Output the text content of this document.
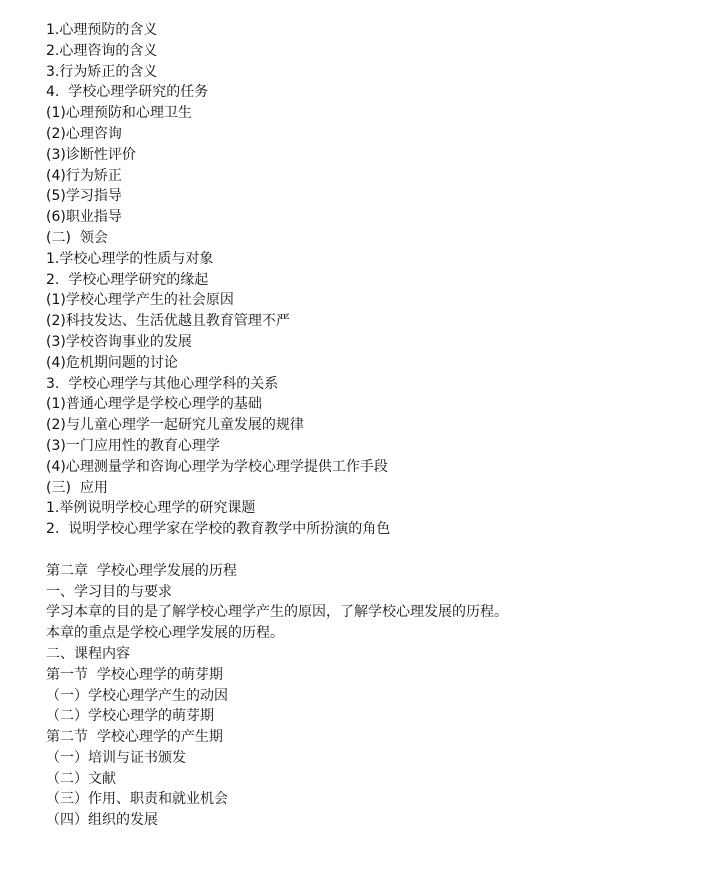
1.心理预防的含义
2.心理咨询的含义
3.行为矫正的含义
4.  学校心理学研究的任务
(1)心理预防和心理卫生
(2)心理咨询
(3)诊断性评价
(4)行为矫正
(5)学习指导
(6)职业指导
(二)  领会
1.学校心理学的性质与对象
2.  学校心理学研究的缘起
(1)学校心理学产生的社会原因
(2)科技发达、生活优越且教育管理不严
(3)学校咨询事业的发展
(4)危机期问题的讨论
3.  学校心理学与其他心理学科的关系
(1)普通心理学是学校心理学的基础
(2)与儿童心理学一起研究儿童发展的规律
(3)一门应用性的教育心理学
(4)心理测量学和咨询心理学为学校心理学提供工作手段
(三)  应用
1.举例说明学校心理学的研究课题
2.  说明学校心理学家在学校的教育教学中所扮演的角色
第二章  学校心理学发展的历程
一、学习目的与要求
学习本章的目的是了解学校心理学产生的原因，了解学校心理发展的历程。
本章的重点是学校心理学发展的历程。
二、课程内容
第一节  学校心理学的萌芽期
（一）学校心理学产生的动因
（二）学校心理学的萌芽期
第二节  学校心理学的产生期
（一）培训与证书颁发
（二）文献
（三）作用、职责和就业机会
（四）组织的发展
